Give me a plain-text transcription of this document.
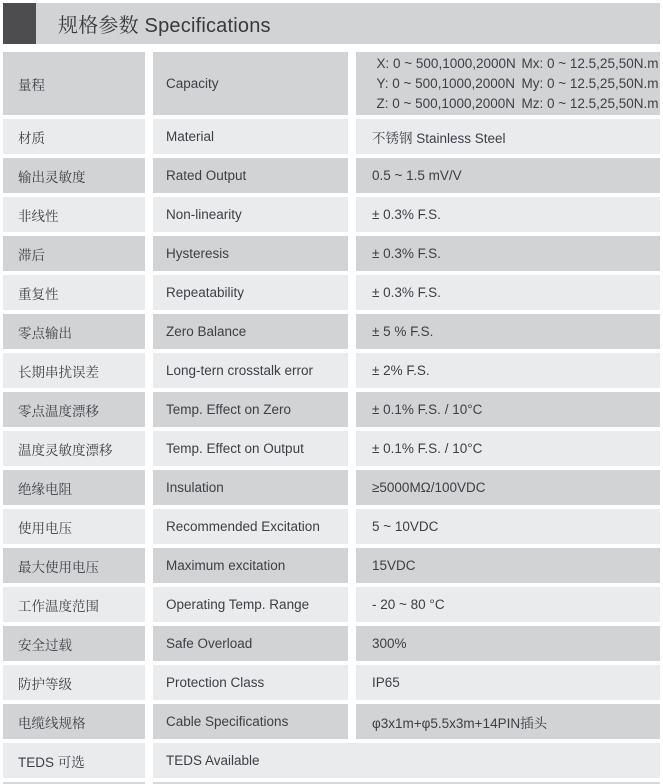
规格参数 Specifications
量程	Capacity
X: 0 ~ 500,1000,2000N Mx: 0 ~ 12.5,25,50N.m
Y: 0 ~ 500,1000,2000N My: 0 ~ 12.5,25,50N.m
Z: 0 ~ 500,1000,2000N Mz: 0 ~ 12.5,25,50N.m
材质	Material	不锈钢 Stainless Steel
输出灵敏度	Rated Output	0.5 ~ 1.5 mV/V
非线性	Non-linearity	± 0.3% F.S.
滞后	Hysteresis	± 0.3% F.S.
重复性	Repeatability	± 0.3% F.S.
零点输出	Zero Balance	± 5 % F.S.
长期串扰误差	Long-tern crosstalk error	± 2% F.S.
零点温度漂移	Temp. Effect on Zero	± 0.1% F.S. / 10°C
温度灵敏度漂移	Temp. Effect on Output	± 0.1% F.S. / 10°C
绝缘电阻	Insulation	≥5000MΩ/100VDC
使用电压	Recommended Excitation	5 ~ 10VDC
最大使用电压	Maximum excitation	15VDC
工作温度范围	Operating Temp. Range	- 20 ~ 80 °C
安全过载	Safe Overload	300%
防护等级	Protection Class	IP65
电缆线规格	Cable Specifications	φ3x1m+φ5.5x3m+14PIN插头
TEDS 可选	TEDS Available
